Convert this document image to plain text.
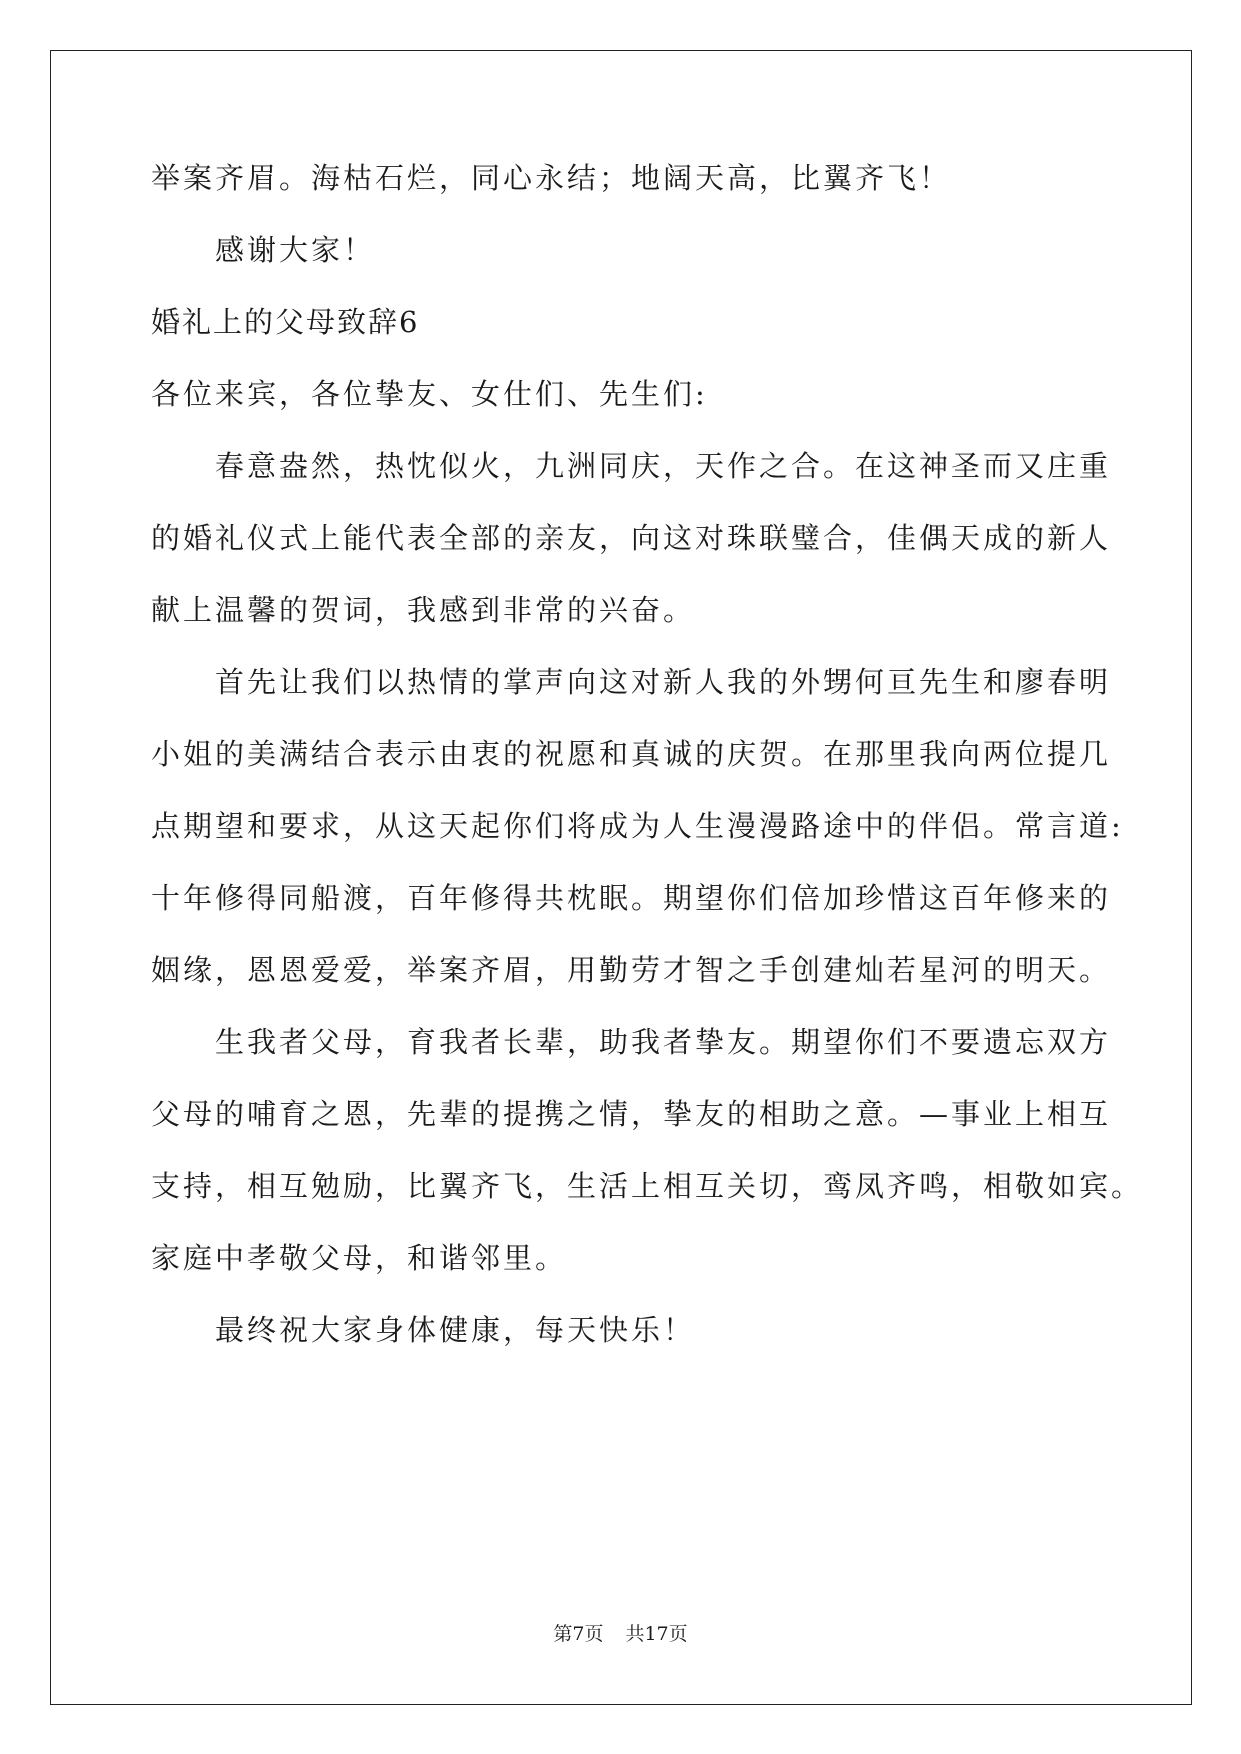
举案齐眉。海枯石烂，同心永结；地阔天高，比翼齐飞！
感谢大家！
婚礼上的父母致辞6
各位来宾，各位挚友、女仕们、先生们:
春意盎然，热忱似火，九洲同庆，天作之合。在这神圣而又庄重
的婚礼仪式上能代表全部的亲友，向这对珠联璧合，佳偶天成的新人
献上温馨的贺词，我感到非常的兴奋。
首先让我们以热情的掌声向这对新人我的外甥何亘先生和廖春明
小姐的美满结合表示由衷的祝愿和真诚的庆贺。在那里我向两位提几
点期望和要求，从这天起你们将成为人生漫漫路途中的伴侣。常言道:
十年修得同船渡，百年修得共枕眠。期望你们倍加珍惜这百年修来的
姻缘，恩恩爱爱，举案齐眉，用勤劳才智之手创建灿若星河的明天。
生我者父母，育我者长辈，助我者挚友。期望你们不要遗忘双方
父母的哺育之恩，先辈的提携之情，挚友的相助之意。—事业上相互
支持，相互勉励，比翼齐飞，生活上相互关切，鸾凤齐鸣，相敬如宾。
家庭中孝敬父母，和谐邻里。
最终祝大家身体健康，每天快乐！
第7页 共17页
